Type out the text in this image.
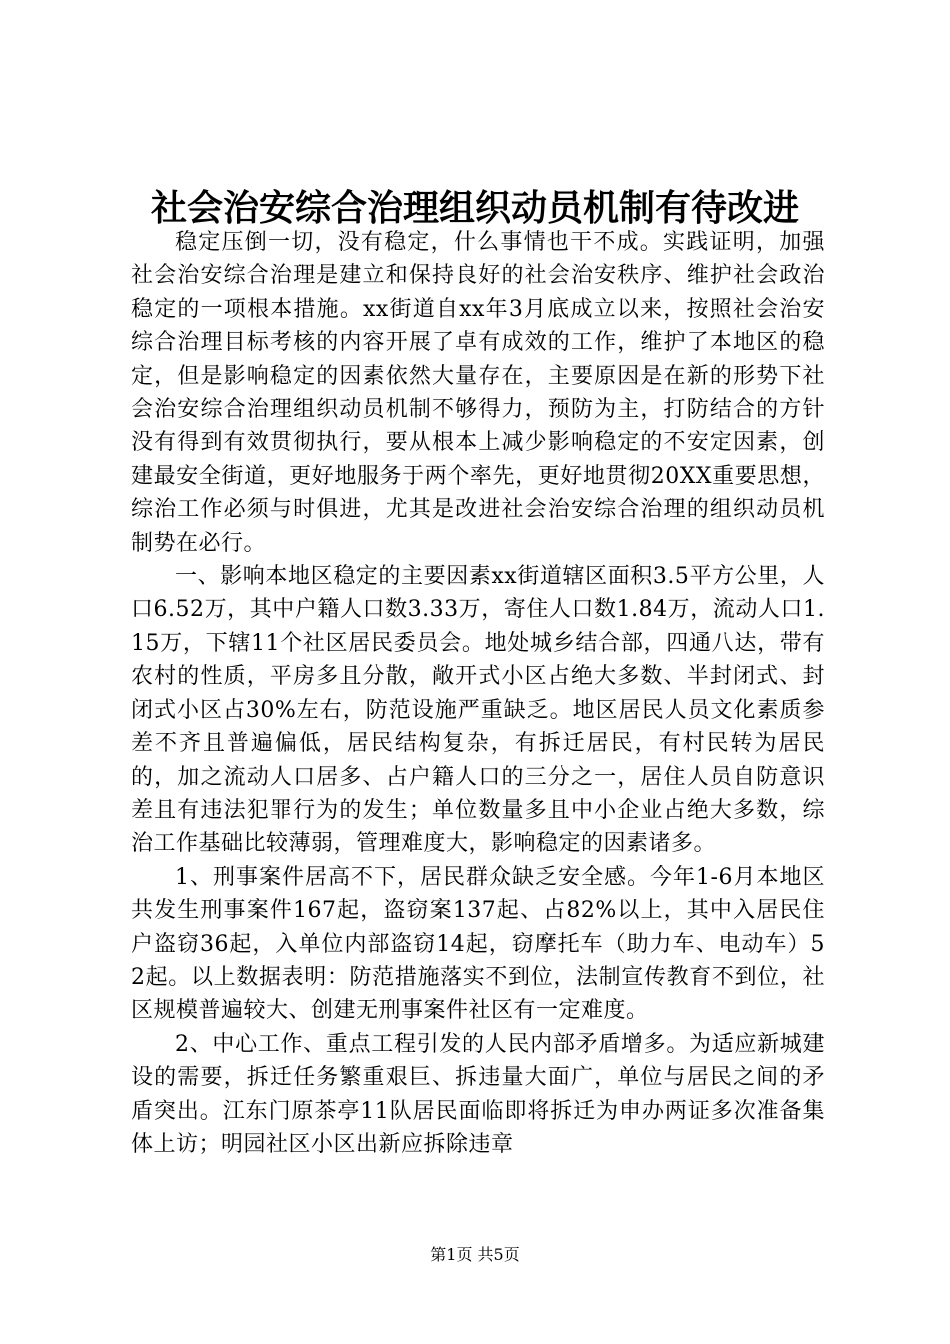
社会治安综合治理组织动员机制有待改进

稳定压倒一切，没有稳定，什么事情也干不成。实践证明，加强社会治安综合治理是建立和保持良好的社会治安秩序、维护社会政治稳定的一项根本措施。xx街道自xx年3月底成立以来，按照社会治安综合治理目标考核的内容开展了卓有成效的工作，维护了本地区的稳定，但是影响稳定的因素依然大量存在，主要原因是在新的形势下社会治安综合治理组织动员机制不够得力，预防为主，打防结合的方针没有得到有效贯彻执行，要从根本上减少影响稳定的不安定因素，创建最安全街道，更好地服务于两个率先，更好地贯彻20XX重要思想，综治工作必须与时俱进，尤其是改进社会治安综合治理的组织动员机制势在必行。

一、影响本地区稳定的主要因素xx街道辖区面积3.5平方公里，人口6.52万，其中户籍人口数3.33万，寄住人口数1.84万，流动人口1.15万，下辖11个社区居民委员会。地处城乡结合部，四通八达，带有农村的性质，平房多且分散，敞开式小区占绝大多数、半封闭式、封闭式小区占30%左右，防范设施严重缺乏。地区居民人员文化素质参差不齐且普遍偏低，居民结构复杂，有拆迁居民，有村民转为居民的，加之流动人口居多、占户籍人口的三分之一，居住人员自防意识差且有违法犯罪行为的发生；单位数量多且中小企业占绝大多数，综治工作基础比较薄弱，管理难度大，影响稳定的因素诸多。

1、刑事案件居高不下，居民群众缺乏安全感。今年1-6月本地区共发生刑事案件167起，盗窃案137起、占82%以上，其中入居民住户盗窃36起，入单位内部盗窃14起，窃摩托车（助力车、电动车）52起。以上数据表明：防范措施落实不到位，法制宣传教育不到位，社区规模普遍较大、创建无刑事案件社区有一定难度。

2、中心工作、重点工程引发的人民内部矛盾增多。为适应新城建设的需要，拆迁任务繁重艰巨、拆违量大面广，单位与居民之间的矛盾突出。江东门原茶亭11队居民面临即将拆迁为申办两证多次准备集体上访；明园社区小区出新应拆除违章

第1页 共5页
